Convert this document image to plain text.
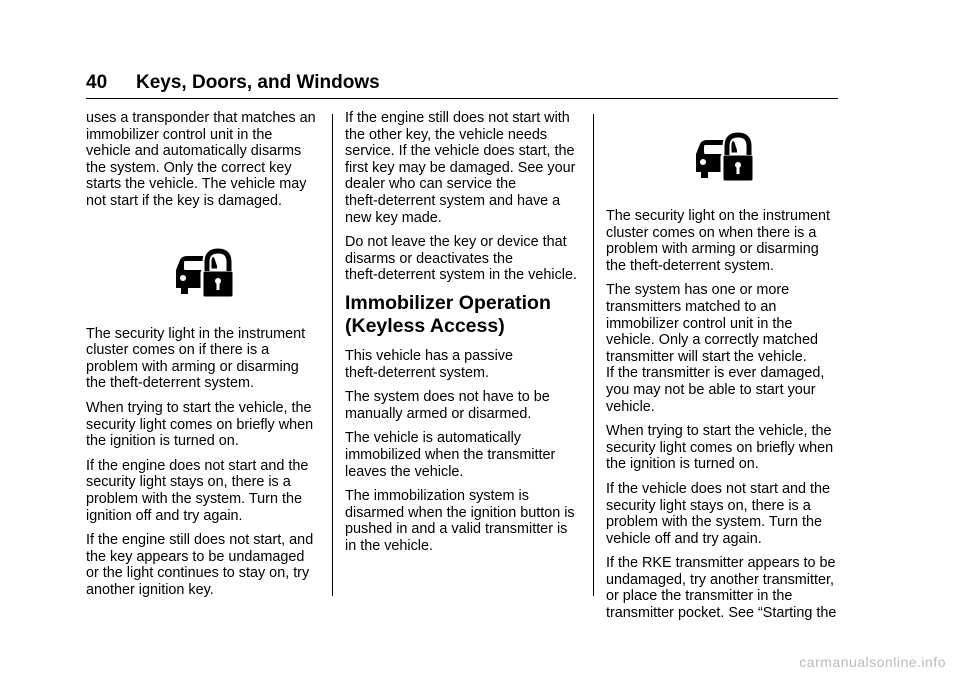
40 Keys, Doors, and Windows

uses a transponder that matches an
immobilizer control unit in the
vehicle and automatically disarms
the system. Only the correct key
starts the vehicle. The vehicle may
not start if the key is damaged.

The security light in the instrument
cluster comes on if there is a
problem with arming or disarming
the theft-deterrent system.

When trying to start the vehicle, the
security light comes on briefly when
the ignition is turned on.

If the engine does not start and the
security light stays on, there is a
problem with the system. Turn the
ignition off and try again.

If the engine still does not start, and
the key appears to be undamaged
or the light continues to stay on, try
another ignition key.

If the engine still does not start with
the other key, the vehicle needs
service. If the vehicle does start, the
first key may be damaged. See your
dealer who can service the
theft-deterrent system and have a
new key made.

Do not leave the key or device that
disarms or deactivates the
theft-deterrent system in the vehicle.

Immobilizer Operation
(Keyless Access)

This vehicle has a passive
theft-deterrent system.

The system does not have to be
manually armed or disarmed.

The vehicle is automatically
immobilized when the transmitter
leaves the vehicle.

The immobilization system is
disarmed when the ignition button is
pushed in and a valid transmitter is
in the vehicle.

The security light on the instrument
cluster comes on when there is a
problem with arming or disarming
the theft-deterrent system.

The system has one or more
transmitters matched to an
immobilizer control unit in the
vehicle. Only a correctly matched
transmitter will start the vehicle.
If the transmitter is ever damaged,
you may not be able to start your
vehicle.

When trying to start the vehicle, the
security light comes on briefly when
the ignition is turned on.

If the vehicle does not start and the
security light stays on, there is a
problem with the system. Turn the
vehicle off and try again.

If the RKE transmitter appears to be
undamaged, try another transmitter,
or place the transmitter in the
transmitter pocket. See “Starting the

carmanualsonline.info
